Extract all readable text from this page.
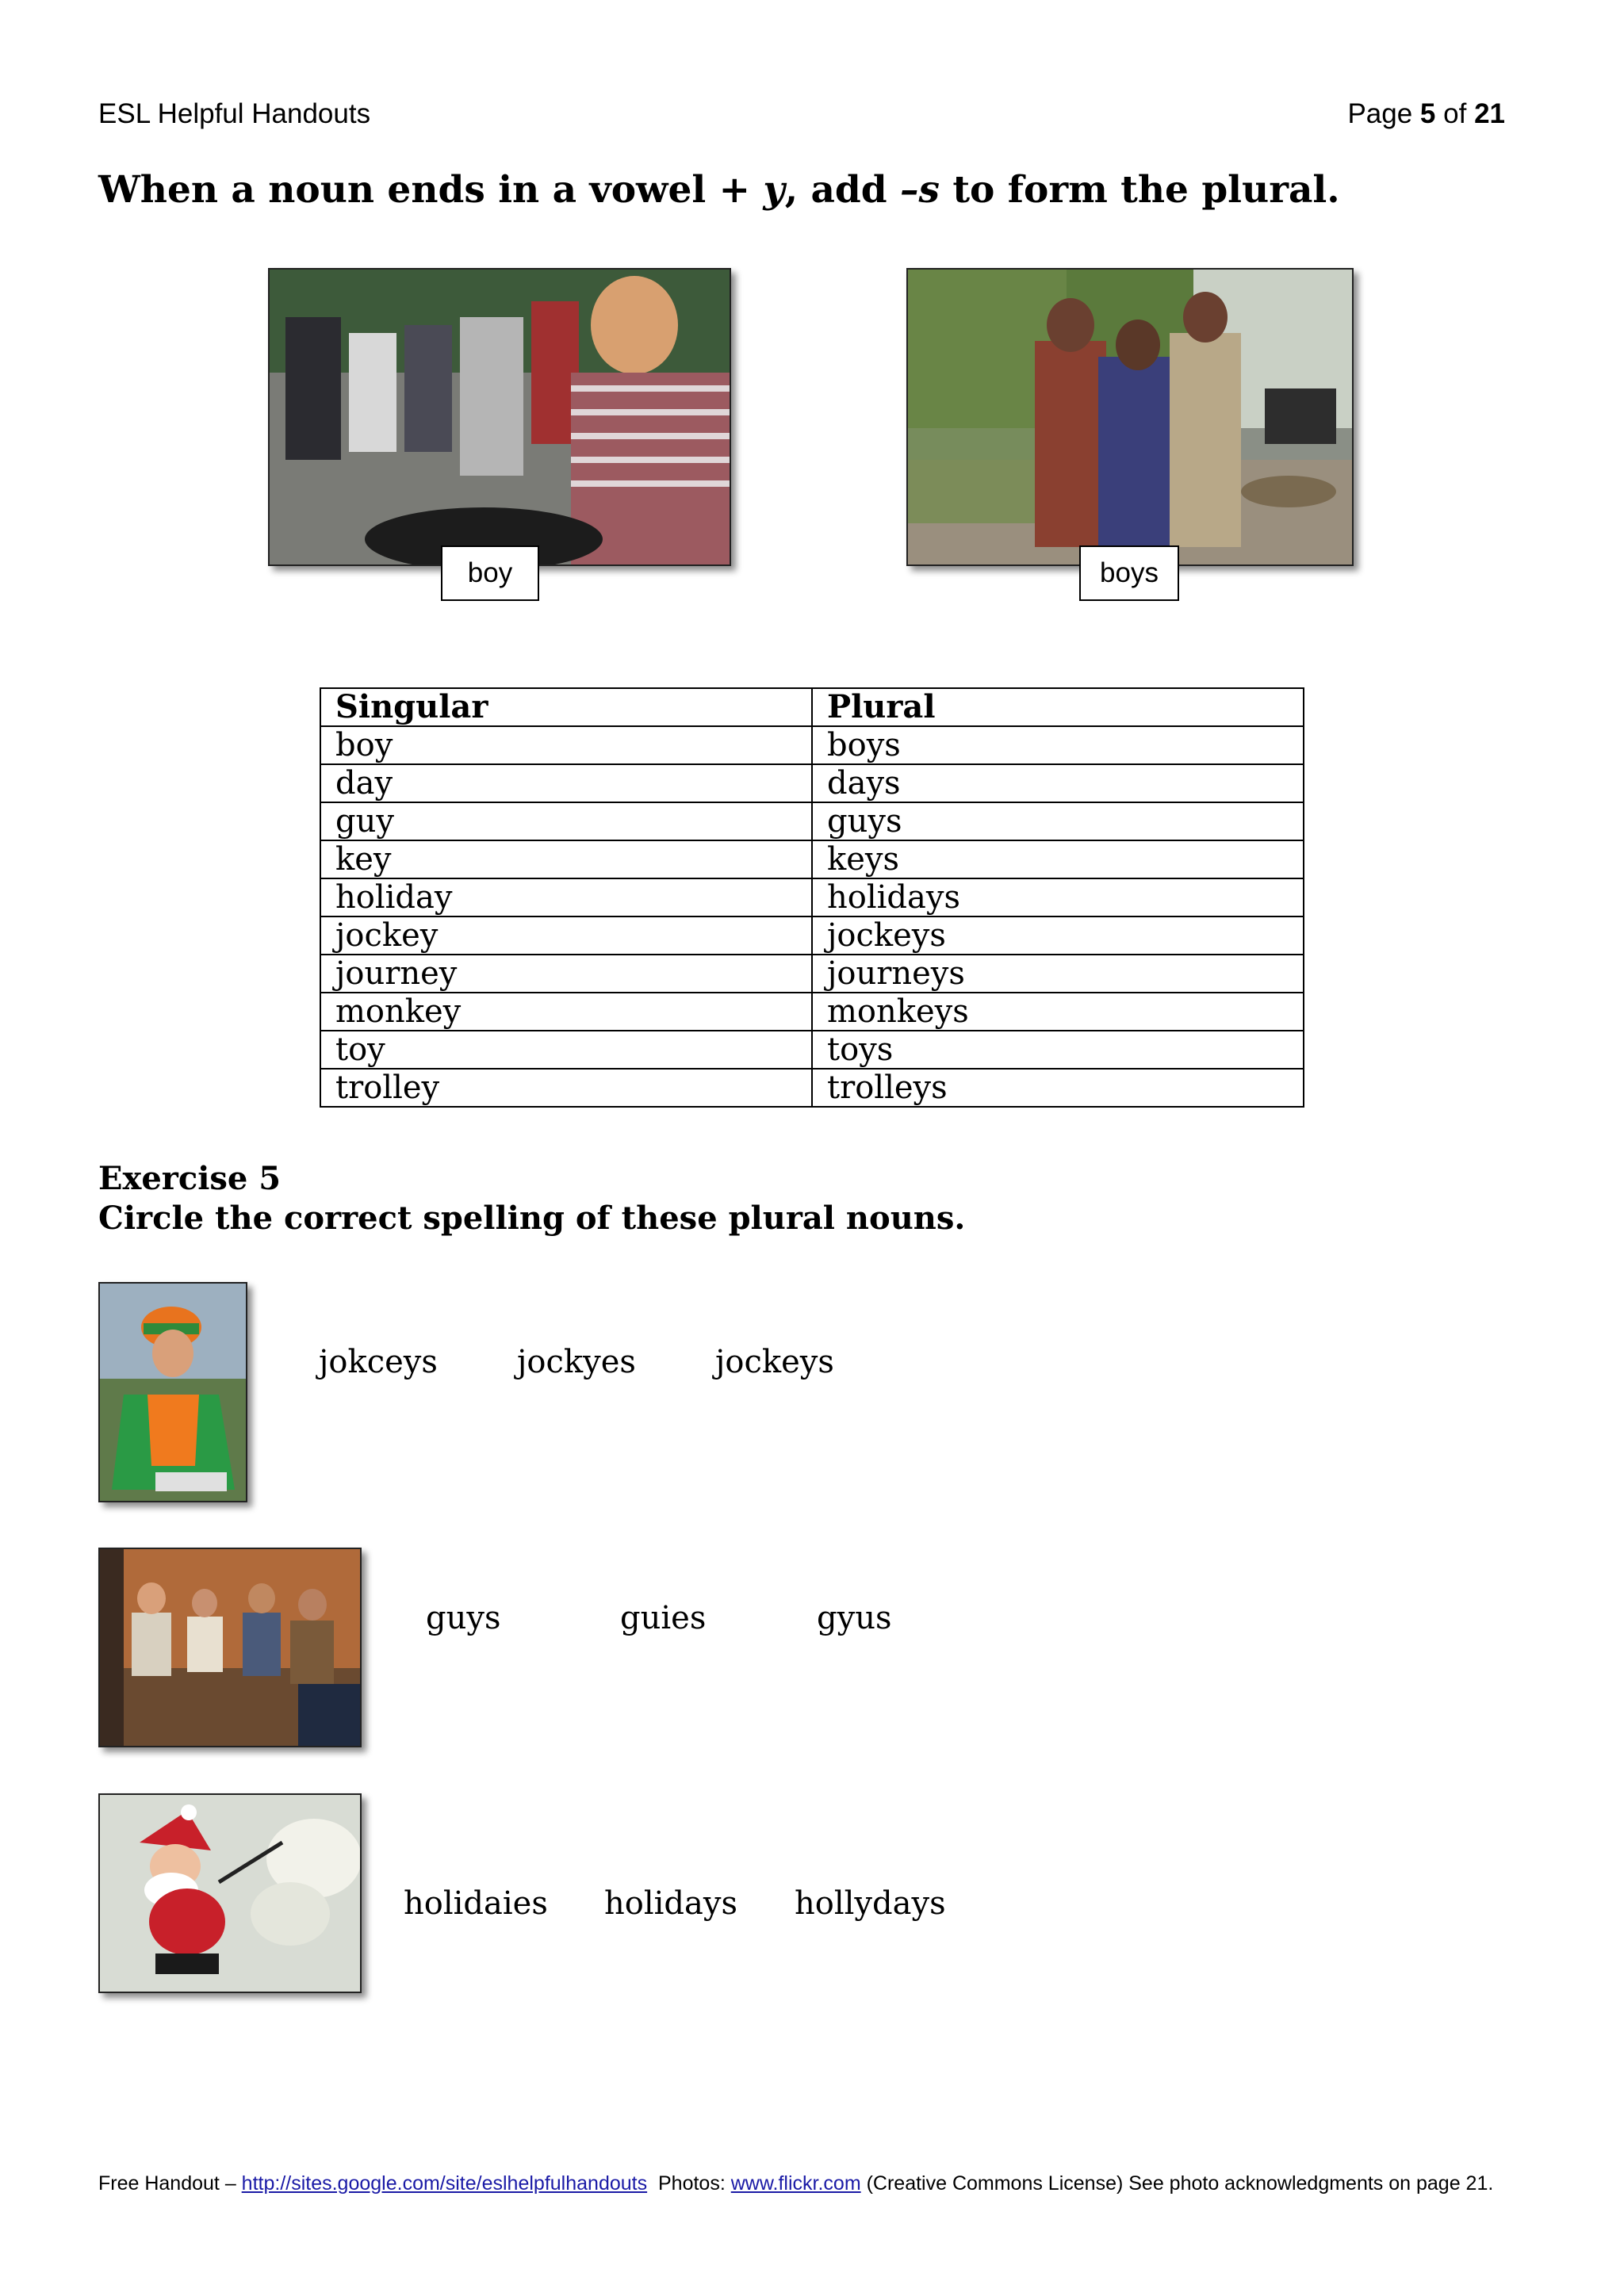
ESL Helpful Handouts	Page 5 of 21
When a noun ends in a vowel + y, add –s to form the plural.
boy	boys
Singular	Plural
boy	boys
day	days
guy	guys
key	keys
holiday	holidays
jockey	jockeys
journey	journeys
monkey	monkeys
toy	toys
trolley	trolleys
Exercise 5
Circle the correct spelling of these plural nouns.
jokceys	jockyes	jockeys
guys	guies	gyus
holidaies holidays hollydays
Free Handout – http://sites.google.com/site/eslhelpfulhandouts  Photos: www.flickr.com (Creative Commons License) See photo acknowledgments on page 21.
